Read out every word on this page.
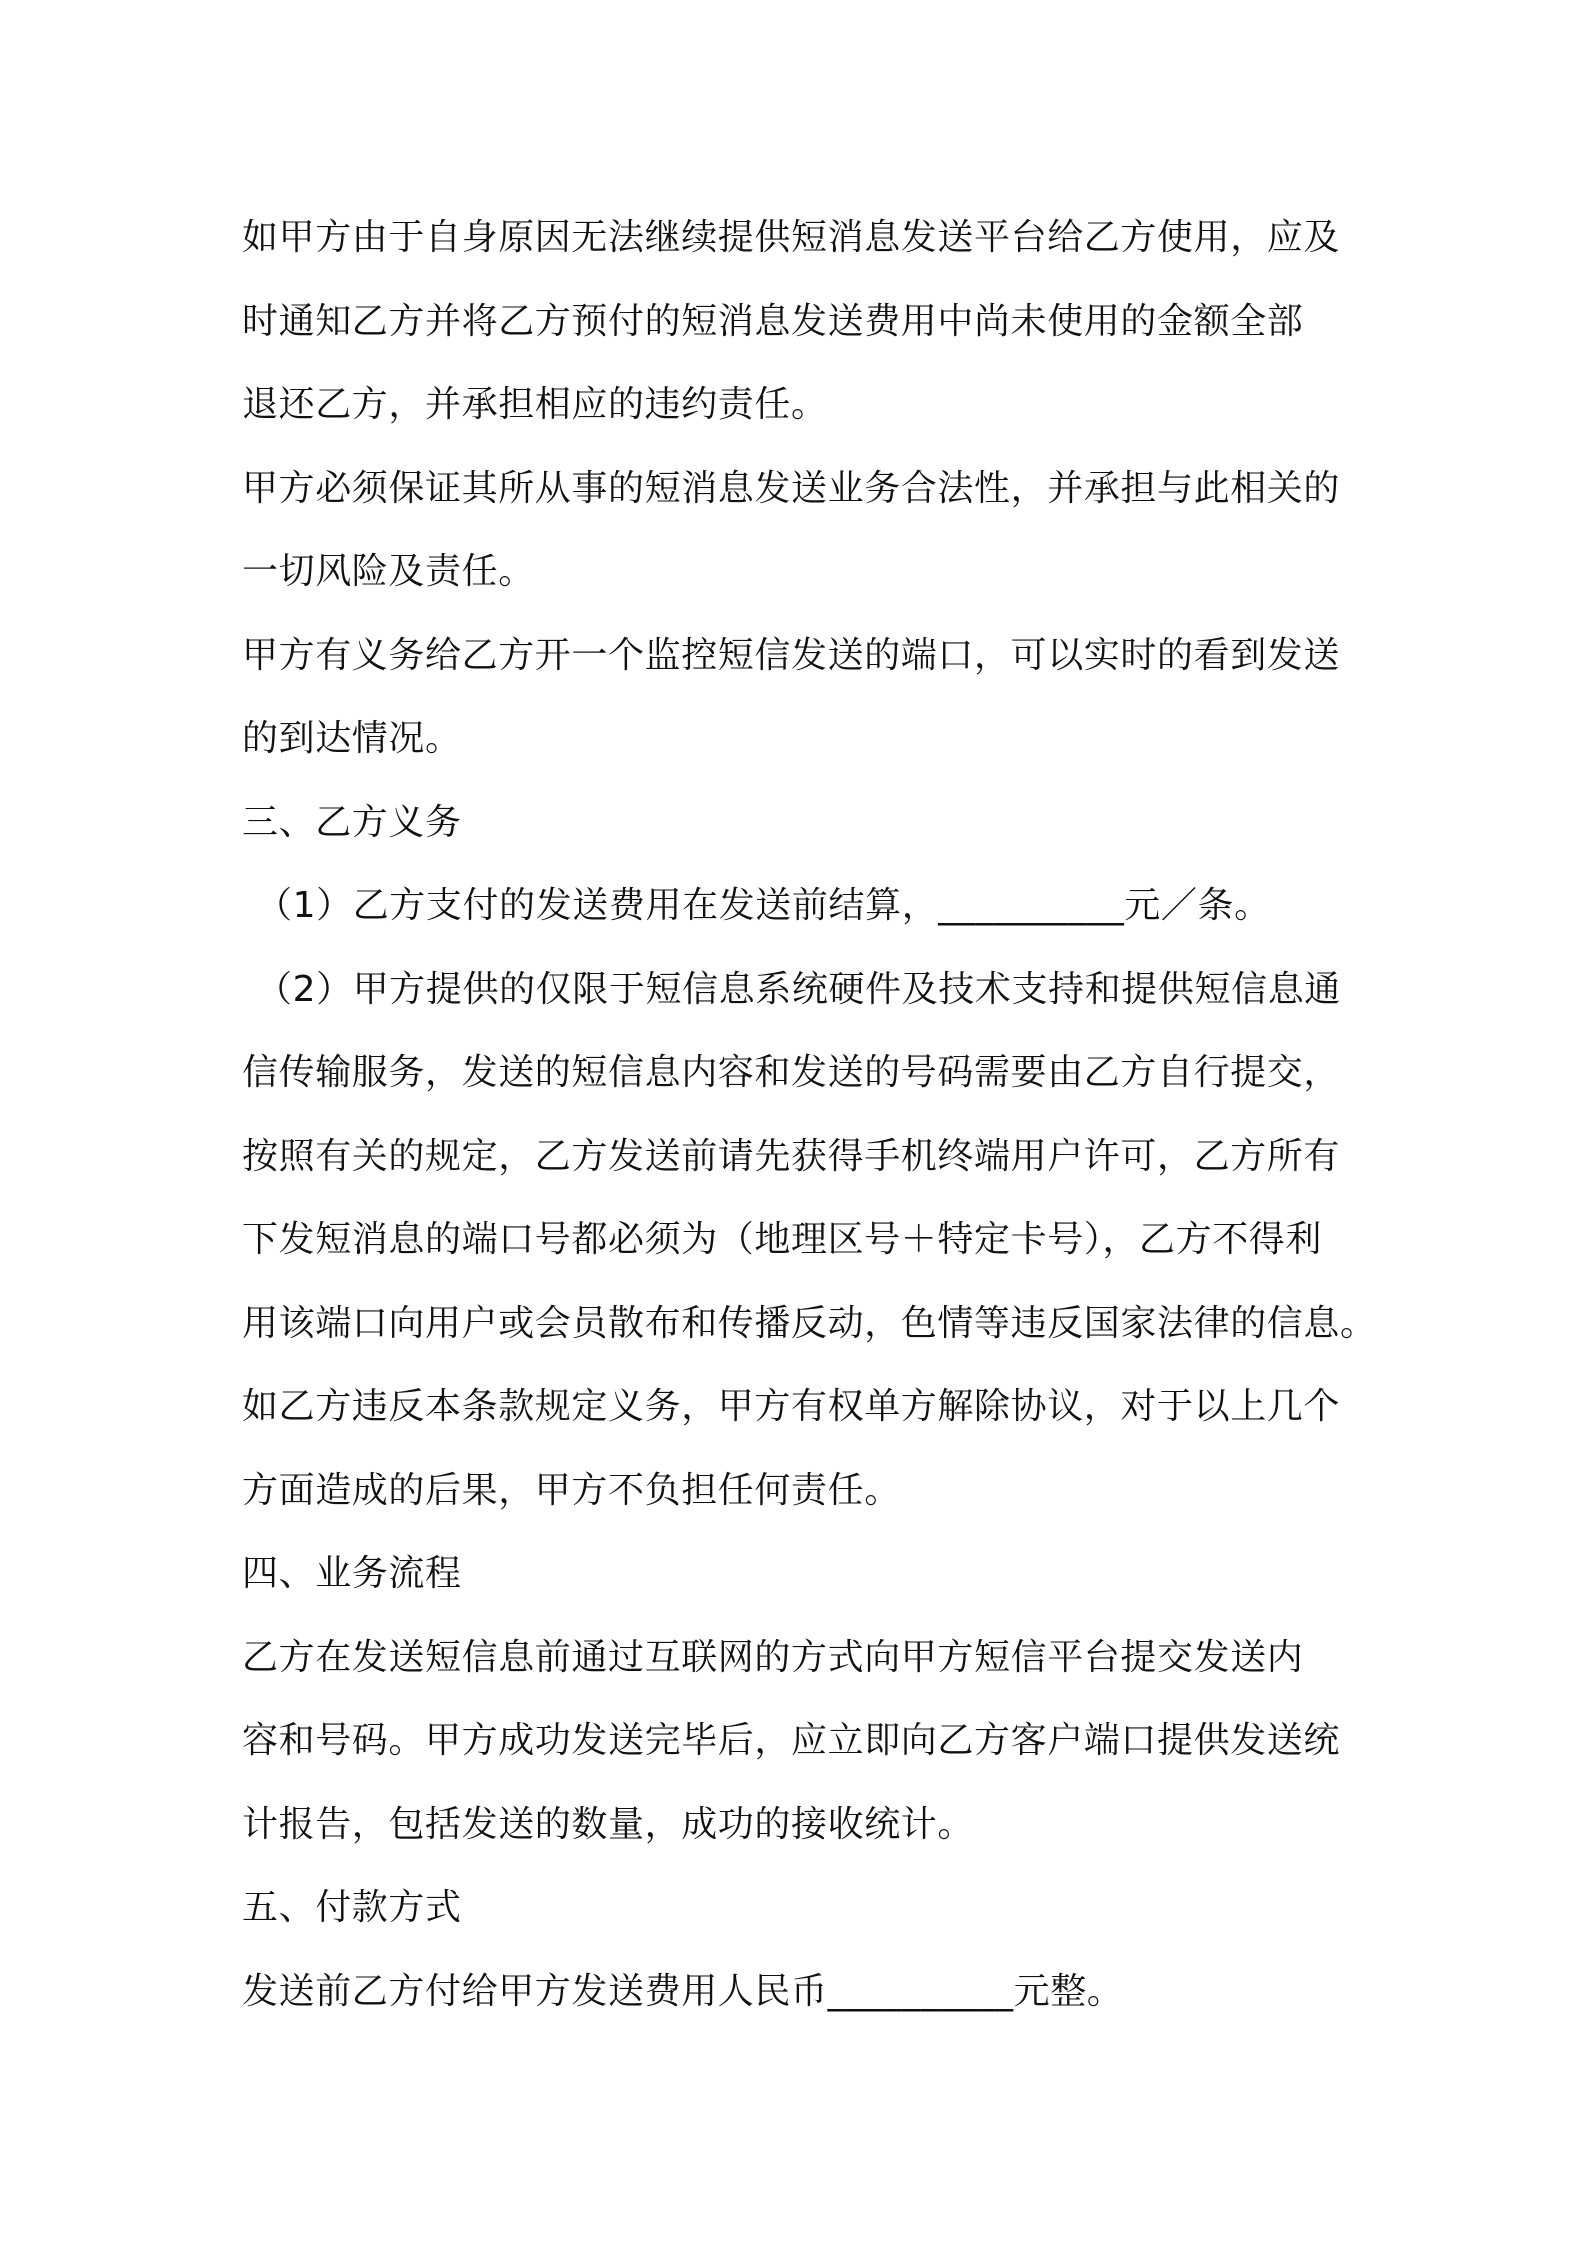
如甲方由于自身原因无法继续提供短消息发送平台给乙方使用，应及
时通知乙方并将乙方预付的短消息发送费用中尚未使用的金额全部
退还乙方，并承担相应的违约责任。
甲方必须保证其所从事的短消息发送业务合法性，并承担与此相关的
一切风险及责任。
甲方有义务给乙方开一个监控短信发送的端口，可以实时的看到发送
的到达情况。
三、乙方义务
（1）乙方支付的发送费用在发送前结算，__________元／条。
（2）甲方提供的仅限于短信息系统硬件及技术支持和提供短信息通
信传输服务，发送的短信息内容和发送的号码需要由乙方自行提交，
按照有关的规定，乙方发送前请先获得手机终端用户许可，乙方所有
下发短消息的端口号都必须为（地理区号＋特定卡号），乙方不得利
用该端口向用户或会员散布和传播反动，色情等违反国家法律的信息。
如乙方违反本条款规定义务，甲方有权单方解除协议，对于以上几个
方面造成的后果，甲方不负担任何责任。
四、业务流程
乙方在发送短信息前通过互联网的方式向甲方短信平台提交发送内
容和号码。甲方成功发送完毕后，应立即向乙方客户端口提供发送统
计报告，包括发送的数量，成功的接收统计。
五、付款方式
发送前乙方付给甲方发送费用人民币__________元整。
